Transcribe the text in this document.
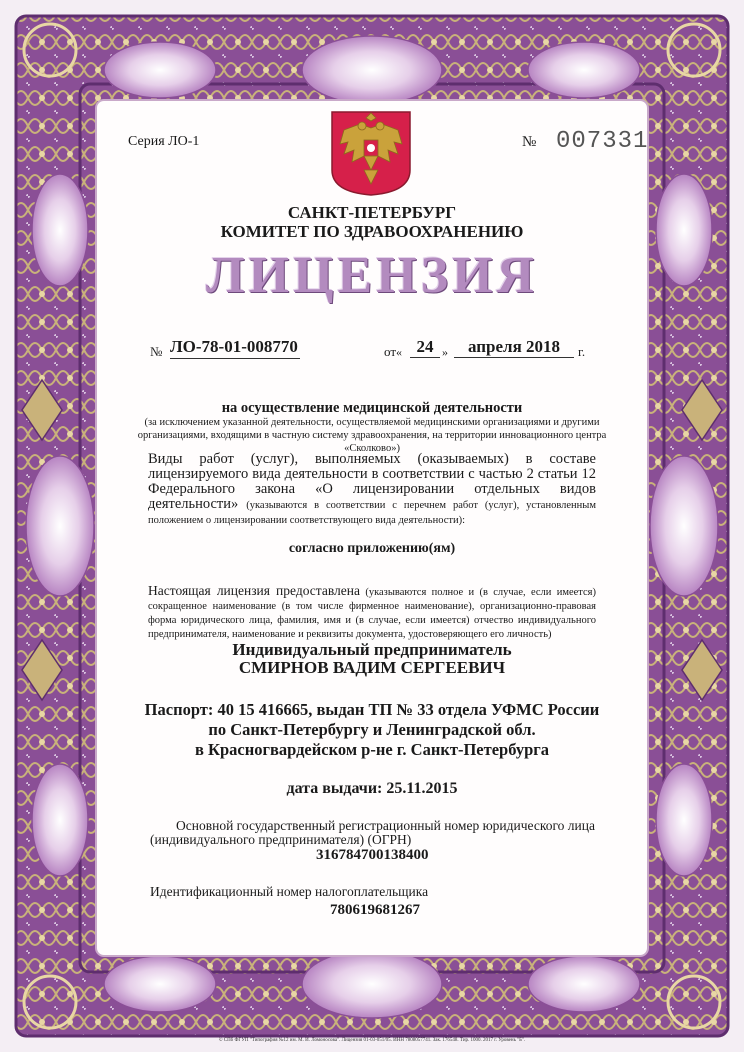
Серия ЛО-1	№ 007331
САНКТ-ПЕТЕРБУРГ
КОМИТЕТ ПО ЗДРАВООХРАНЕНИЮ
ЛИЦЕНЗИЯ
№ ЛО-78-01-008770	от« 24 »	апреля 2018	г.
на осуществление медицинской деятельности
(за исключением указанной деятельности, осуществляемой медицинскими организациями и другими организациями, входящими в частную систему здравоохранения, на территории инновационного центра «Сколково»)
Виды работ (услуг), выполняемых (оказываемых) в составе лицензируемого вида деятельности в соответствии с частью 2 статьи 12 Федерального закона «О лицензировании отдельных видов деятельности» (указываются в соответствии с перечнем работ (услуг), установленным положением о лицензировании соответствующего вида деятельности):
согласно приложению(ям)
Настоящая лицензия предоставлена (указываются полное и (в случае, если имеется) сокращенное наименование (в том числе фирменное наименование), организационно-правовая форма юридического лица, фамилия, имя и (в случае, если имеется) отчество индивидуального предпринимателя, наименование и реквизиты документа, удостоверяющего его личность)
Индивидуальный предприниматель
СМИРНОВ ВАДИМ СЕРГЕЕВИЧ
Паспорт: 40 15 416665, выдан ТП № 33 отдела УФМС России
по Санкт-Петербургу и Ленинградской обл.
в Красногвардейском р-не г. Санкт-Петербурга
дата выдачи: 25.11.2015
Основной государственный регистрационный номер юридического лица
(индивидуального предпринимателя) (ОГРН)
316784700138400
Идентификационный номер налогоплательщика
780619681267
© СПб ФГУП "Типография №12 им. М. И. Ломоносова". Лицензия 01-03-051/05. ИНН 7808057741. Зак. 176548. Тир. 1000. 2017 г. Уровень "Б".
